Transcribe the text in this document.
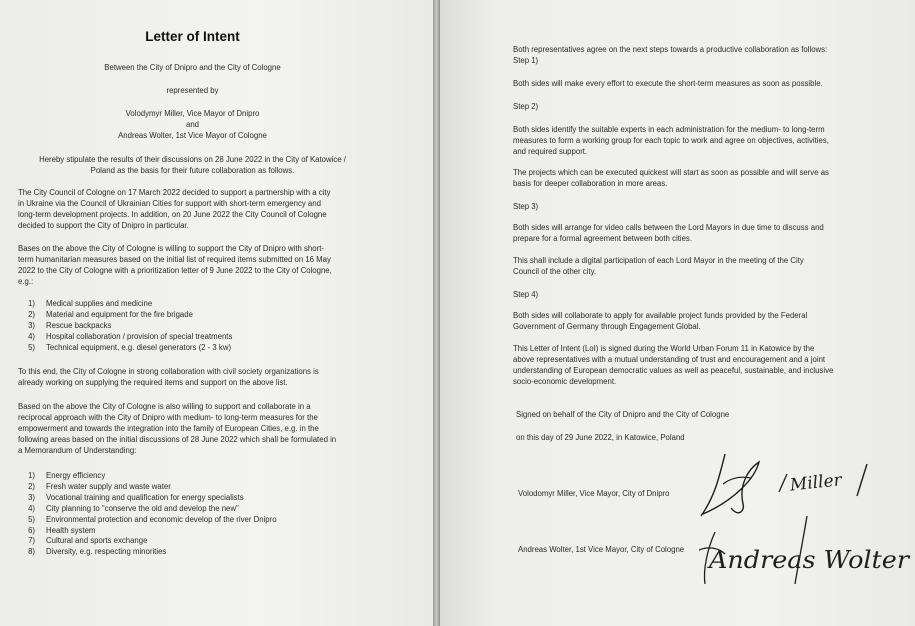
Letter of Intent
Between the City of Dnipro and the City of Cologne
represented by
Volodymyr Miller, Vice Mayor of Dnipro
and
Andreas Wolter, 1st Vice Mayor of Cologne
Hereby stipulate the results of their discussions on 28 June 2022 in the City of Katowice /
Poland as the basis for their future collaboration as follows.
The City Council of Cologne on 17 March 2022 decided to support a partnership with a city
in Ukraine via the Council of Ukrainian Cities for support with short-term emergency and
long-term development projects. In addition, on 20 June 2022 the City Council of Cologne
decided to support the City of Dnipro in particular.
Bases on the above the City of Cologne is willing to support the City of Dnipro with short-
term humanitarian measures based on the initial list of required items submitted on 16 May
2022 to the City of Cologne with a prioritization letter of 9 June 2022 to the City of Cologne,
e.g.:
1)	Medical supplies and medicine
2)	Material and equipment for the fire brigade
3)	Rescue backpacks
4)	Hospital collaboration / provision of special treatments
5)	Technical equipment, e.g. diesel generators (2 - 3 kw)
To this end, the City of Cologne in strong collaboration with civil society organizations is
already working on supplying the required items and support on the above list.
Based on the above the City of Cologne is also willing to support and collaborate in a
reciprocal approach with the City of Dnipro with medium- to long-term measures for the
empowerment and towards the integration into the family of European Cities, e.g. in the
following areas based on the initial discussions of 28 June 2022 which shall be formulated in
a Memorandum of Understanding:
1)	Energy efficiency
2)	Fresh water supply and waste water
3)	Vocational training and qualification for energy specialists
4)	City planning to "conserve the old and develop the new"
5)	Environmental protection and economic develop of the river Dnipro
6)	Health system
7)	Cultural and sports exchange
8)	Diversity, e.g. respecting minorities
Both representatives agree on the next steps towards a productive collaboration as follows:
Step 1)
Both sides will make every effort to execute the short-term measures as soon as possible.
Step 2)
Both sides identify the suitable experts in each administration for the medium- to long-term
measures to form a working group for each topic to work and agree on objectives, activities,
and required support.
The projects which can be executed quickest will start as soon as possible and will serve as
basis for deeper collaboration in more areas.
Step 3)
Both sides will arrange for video calls between the Lord Mayors in due time to discuss and
prepare for a formal agreement between both cities.
This shall include a digital participation of each Lord Mayor in the meeting of the City
Council of the other city.
Step 4)
Both sides will collaborate to apply for available project funds provided by the Federal
Government of Germany through Engagement Global.
This Letter of Intent (LoI) is signed during the World Urban Forum 11 in Katowice by the
above representatives with a mutual understanding of trust and encouragement and a joint
understanding of European democratic values as well as peaceful, sustainable, and inclusive
socio-economic development.
Signed on behalf of the City of Dnipro and the City of Cologne
on this day of 29 June 2022, in Katowice, Poland
Volodomyr Miller, Vice Mayor, City of Dnipro
Andreas Wolter, 1st Vice Mayor, City of Cologne
Miller
Andreas Wolter
